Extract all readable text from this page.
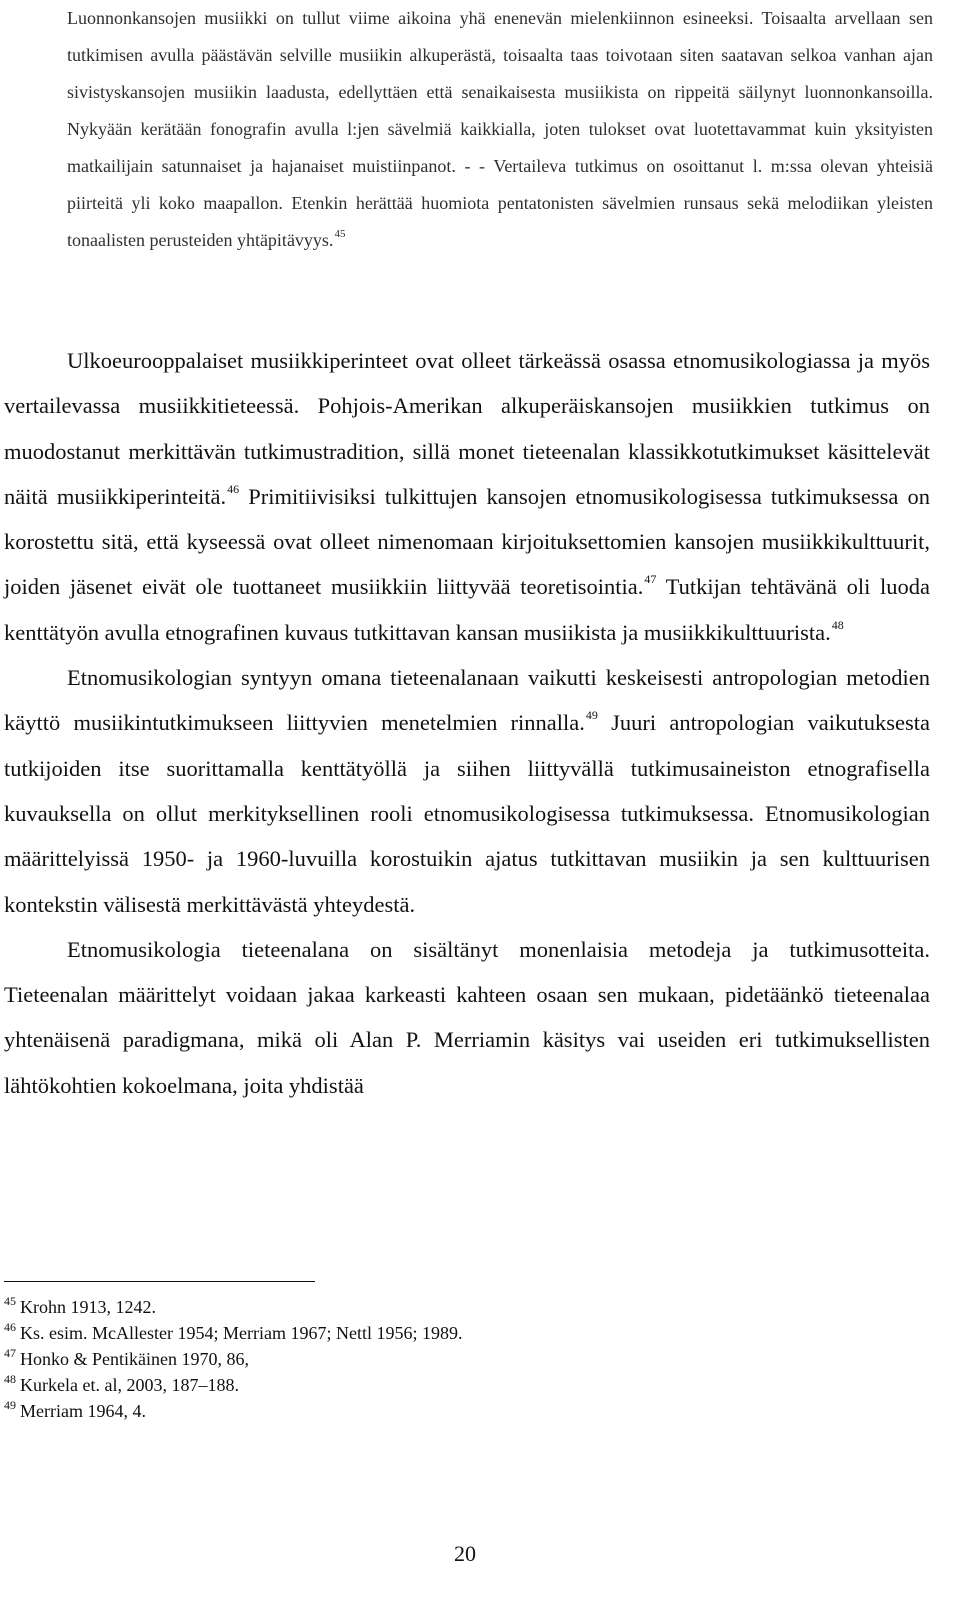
Luonnonkansojen musiikki on tullut viime aikoina yhä enenevän mielenkiinnon esineeksi. Toisaalta arvellaan sen tutkimisen avulla päästävän selville musiikin alkuperästä, toisaalta taas toivotaan siten saatavan selkoa vanhan ajan sivistyskansojen musiikin laadusta, edellyttäen että senaikaisesta musiikista on rippeitä säilynyt luonnonkansoilla. Nykyään kerätään fonografin avulla l:jen sävelmiä kaikkialla, joten tulokset ovat luotettavammat kuin yksityisten matkailijain satunnaiset ja hajanaiset muistiinpanot. - - Vertaileva tutkimus on osoittanut l. m:ssa olevan yhteisiä piirteitä yli koko maapallon. Etenkin herättää huomiota pentatonisten sävelmien runsaus sekä melodiikan yleisten tonaalisten perusteiden yhtäpitävyys.$^{45}$

Ulkoeurooppalaiset musiikkiperinteet ovat olleet tärkeässä osassa etnomusikologiassa ja myös vertailevassa musiikkitieteessä. Pohjois-Amerikan alkuperäiskansojen musiikkien tutkimus on muodostanut merkittävän tutkimustradition, sillä monet tieteenalan klassikkotutkimukset käsittelevät näitä musiikkiperinteitä.$^{46}$ Primitiivisiksi tulkittujen kansojen etnomusikologisessa tutkimuksessa on korostettu sitä, että kyseessä ovat olleet nimenomaan kirjoituksettomien kansojen musiikkikulttuurit, joiden jäsenet eivät ole tuottaneet musiikkiin liittyvää teoretisointia.$^{47}$ Tutkijan tehtävänä oli luoda kenttätyön avulla etnografinen kuvaus tutkittavan kansan musiikista ja musiikkikulttuurista.$^{48}$

Etnomusikologian syntyyn omana tieteenalanaan vaikutti keskeisesti antropologian metodien käyttö musiikintutkimukseen liittyvien menetelmien rinnalla.$^{49}$ Juuri antropologian vaikutuksesta tutkijoiden itse suorittamalla kenttätyöllä ja siihen liittyvällä tutkimusaineiston etnografisella kuvauksella on ollut merkityksellinen rooli etnomusikologisessa tutkimuksessa. Etnomusikologian määrittelyissä 1950- ja 1960-luvuilla korostuikin ajatus tutkittavan musiikin ja sen kulttuurisen kontekstin välisestä merkittävästä yhteydestä.

Etnomusikologia tieteenalana on sisältänyt monenlaisia metodeja ja tutkimusotteita. Tieteenalan määrittelyt voidaan jakaa karkeasti kahteen osaan sen mukaan, pidetäänkö tieteenalaa yhtenäisenä paradigmana, mikä oli Alan P. Merriamin käsitys vai useiden eri tutkimuksellisten lähtökohtien kokoelmana, joita yhdistää

$^{45}$ Krohn 1913, 1242.
$^{46}$ Ks. esim. McAllester 1954; Merriam 1967; Nettl 1956; 1989.
$^{47}$ Honko & Pentikäinen 1970, 86,
$^{48}$ Kurkela et. al, 2003, 187–188.
$^{49}$ Merriam 1964, 4.
20
